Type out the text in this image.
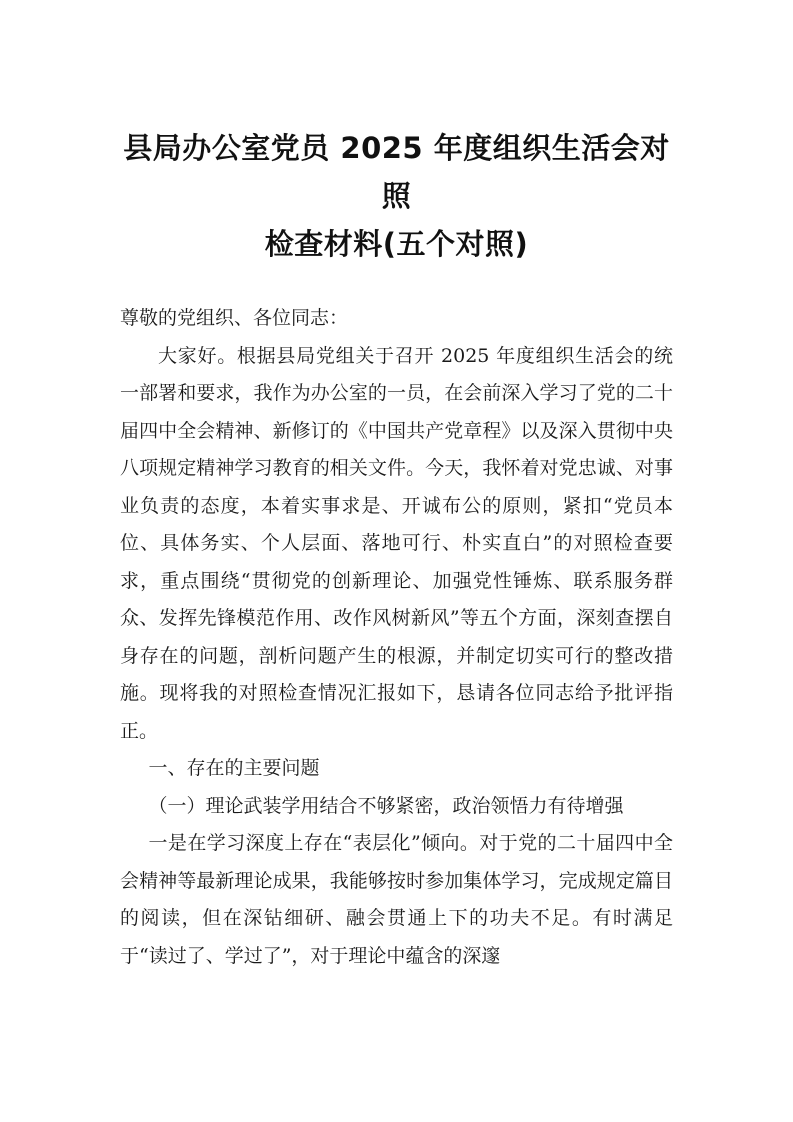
县局办公室党员 2025 年度组织生活会对照
检查材料(五个对照)

尊敬的党组织、各位同志：

大家好。根据县局党组关于召开 2025 年度组织生活会的统一部署和要求，我作为办公室的一员，在会前深入学习了党的二十届四中全会精神、新修订的《中国共产党章程》以及深入贯彻中央八项规定精神学习教育的相关文件。今天，我怀着对党忠诚、对事业负责的态度，本着实事求是、开诚布公的原则，紧扣“党员本位、具体务实、个人层面、落地可行、朴实直白”的对照检查要求，重点围绕“贯彻党的创新理论、加强党性锤炼、联系服务群众、发挥先锋模范作用、改作风树新风”等五个方面，深刻查摆自身存在的问题，剖析问题产生的根源，并制定切实可行的整改措施。现将我的对照检查情况汇报如下，恳请各位同志给予批评指正。

一、存在的主要问题

（一）理论武装学用结合不够紧密，政治领悟力有待增强

一是在学习深度上存在“表层化”倾向。对于党的二十届四中全会精神等最新理论成果，我能够按时参加集体学习，完成规定篇目的阅读，但在深钻细研、融会贯通上下的功夫不足。有时满足于“读过了、学过了”，对于理论中蕴含的深邃
